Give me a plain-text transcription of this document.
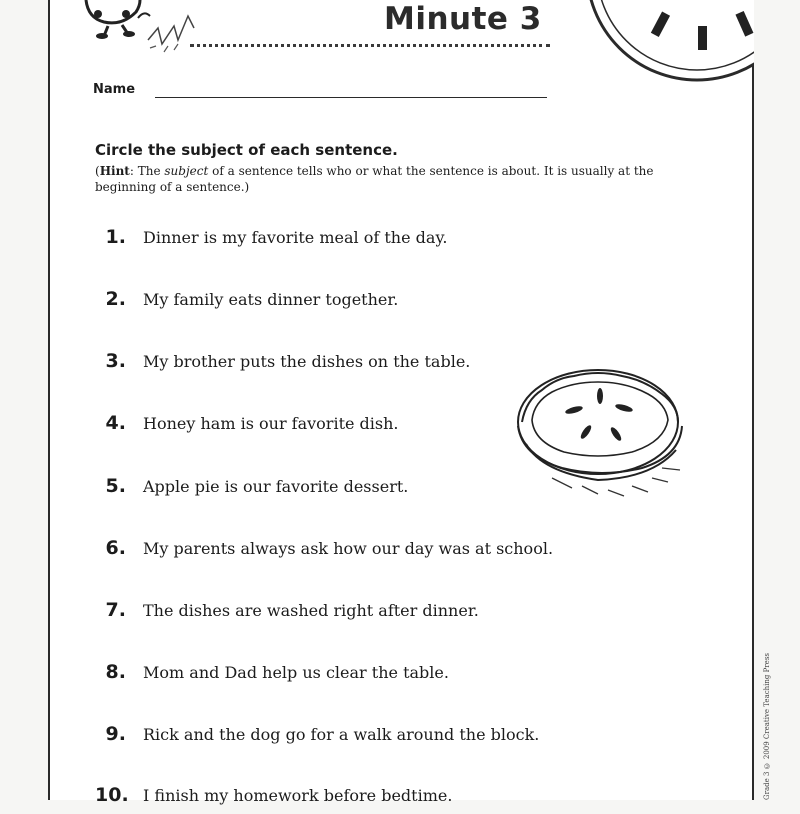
Minute 3
Name
Circle the subject of each sentence.
(Hint: The subject of a sentence tells who or what the sentence is about. It is usually at the beginning of a sentence.)
1. Dinner is my favorite meal of the day.
2. My family eats dinner together.
3. My brother puts the dishes on the table.
4. Honey ham is our favorite dish.
5. Apple pie is our favorite dessert.
6. My parents always ask how our day was at school.
7. The dishes are washed right after dinner.
8. Mom and Dad help us clear the table.
9. Rick and the dog go for a walk around the block.
10. I finish my homework before bedtime.	Grade 3 © 2009 Creative Teaching Press
